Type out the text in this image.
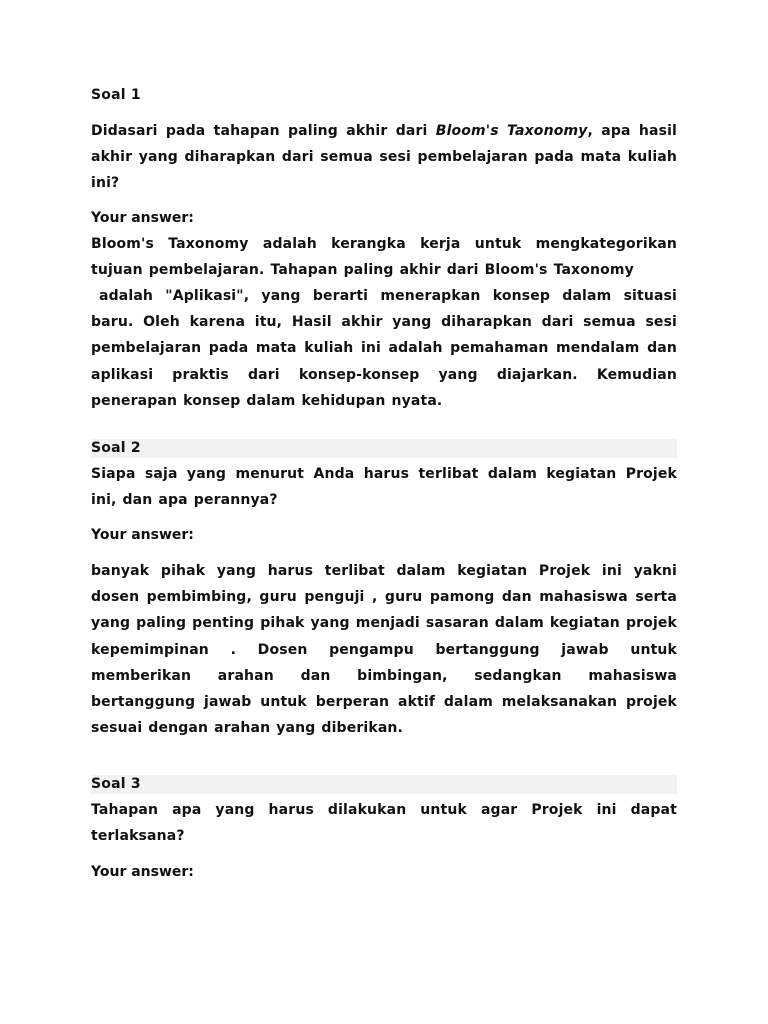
Soal 1

Didasari pada tahapan paling akhir dari Bloom's Taxonomy, apa hasil akhir yang diharapkan dari semua sesi pembelajaran pada mata kuliah ini?

Your answer:

Bloom's Taxonomy adalah kerangka kerja untuk mengkategorikan tujuan pembelajaran. Tahapan paling akhir dari Bloom's Taxonomy

adalah "Aplikasi", yang berarti menerapkan konsep dalam situasi baru. Oleh karena itu, Hasil akhir yang diharapkan dari semua sesi pembelajaran pada mata kuliah ini adalah pemahaman mendalam dan aplikasi praktis dari konsep-konsep yang diajarkan. Kemudian penerapan konsep dalam kehidupan nyata.

Soal 2

Siapa saja yang menurut Anda harus terlibat dalam kegiatan Projek ini, dan apa perannya?

Your answer:

banyak pihak yang harus terlibat dalam kegiatan Projek ini yakni dosen pembimbing, guru penguji , guru pamong dan mahasiswa serta yang paling penting pihak yang menjadi sasaran dalam kegiatan projek kepemimpinan . Dosen pengampu bertanggung jawab untuk memberikan arahan dan bimbingan, sedangkan mahasiswa bertanggung jawab untuk berperan aktif dalam melaksanakan projek sesuai dengan arahan yang diberikan.

Soal 3

Tahapan apa yang harus dilakukan untuk agar Projek ini dapat terlaksana?

Your answer:
